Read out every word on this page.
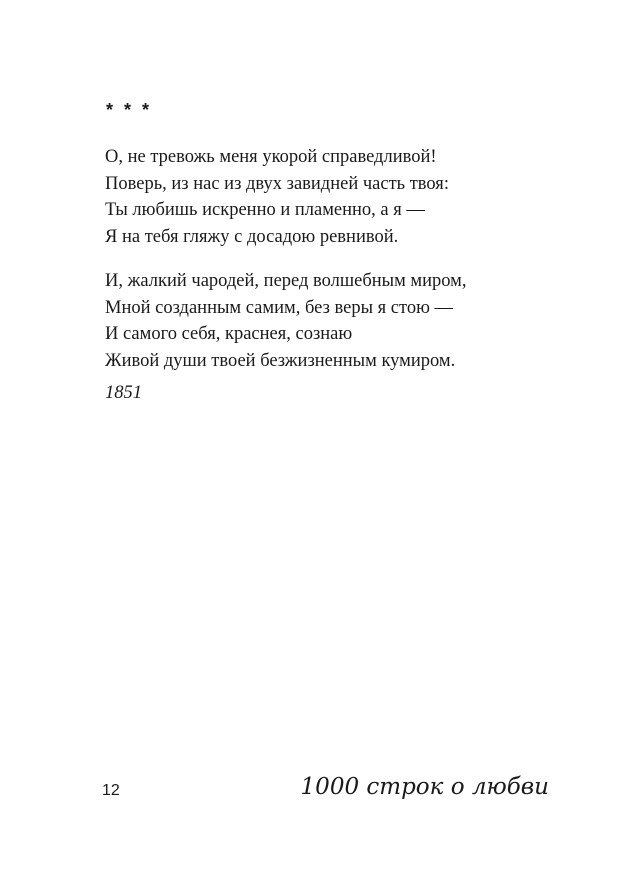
* * *
О, не тревожь меня укорой справедливой!
Поверь, из нас из двух завидней часть твоя:
Ты любишь искренно и пламенно, а я —
Я на тебя гляжу с досадою ревнивой.
И, жалкий чародей, перед волшебным миром,
Мной созданным самим, без веры я стою —
И самого себя, краснея, сознаю
Живой души твоей безжизненным кумиром.
1851
12	1000 строк о любви
